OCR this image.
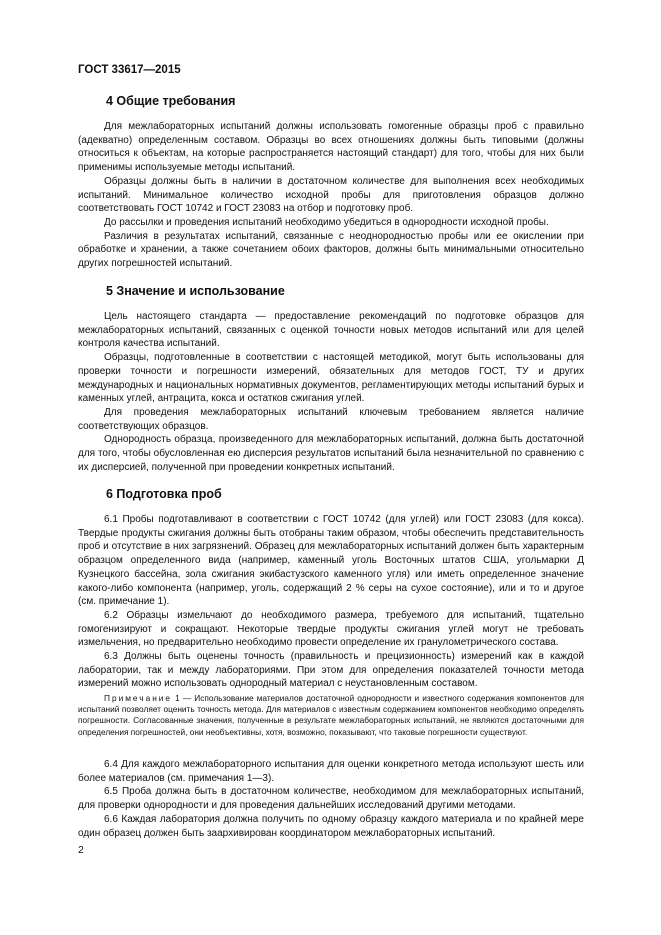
ГОСТ 33617—2015
4 Общие требования

Для межлабораторных испытаний должны использовать гомогенные образцы проб с правильно (адекватно) определенным составом. Образцы во всех отношениях должны быть типовыми (должны относиться к объектам, на которые распространяется настоящий стандарт) для того, чтобы для них были применимы используемые методы испытаний.

Образцы должны быть в наличии в достаточном количестве для выполнения всех необходимых испытаний. Минимальное количество исходной пробы для приготовления образцов должно соответствовать ГОСТ 10742 и ГОСТ 23083 на отбор и подготовку проб.

До рассылки и проведения испытаний необходимо убедиться в однородности исходной пробы.

Различия в результатах испытаний, связанные с неоднородностью пробы или ее окислении при обработке и хранении, а также сочетанием обоих факторов, должны быть минимальными относительно других погрешностей испытаний.

5 Значение и использование

Цель настоящего стандарта — предоставление рекомендаций по подготовке образцов для межлабораторных испытаний, связанных с оценкой точности новых методов испытаний или для целей контроля качества испытаний.

Образцы, подготовленные в соответствии с настоящей методикой, могут быть использованы для проверки точности и погрешности измерений, обязательных для методов ГОСТ, ТУ и других международных и национальных нормативных документов, регламентирующих методы испытаний бурых и каменных углей, антрацита, кокса и остатков сжигания углей.

Для проведения межлабораторных испытаний ключевым требованием является наличие соответствующих образцов.

Однородность образца, произведенного для межлабораторных испытаний, должна быть достаточной для того, чтобы обусловленная ею дисперсия результатов испытаний была незначительной по сравнению с их дисперсией, полученной при проведении конкретных испытаний.

6 Подготовка проб

6.1 Пробы подготавливают в соответствии с ГОСТ 10742 (для углей) или ГОСТ 23083 (для кокса). Твердые продукты сжигания должны быть отобраны таким образом, чтобы обеспечить представительность проб и отсутствие в них загрязнений. Образец для межлабораторных испытаний должен быть характерным образцом определенного вида (например, каменный уголь Восточных штатов США, угольмарки Д Кузнецкого бассейна, зола сжигания экибастузского каменного угля) или иметь определенное значение какого-либо компонента (например, уголь, содержащий 2 % серы на сухое состояние), или и то и другое (см. примечание 1).

6.2 Образцы измельчают до необходимого размера, требуемого для испытаний, тщательно гомогенизируют и сокращают. Некоторые твердые продукты сжигания углей могут не требовать измельчения, но предварительно необходимо провести определение их гранулометрического состава.

6.3 Должны быть оценены точность (правильность и прецизионность) измерений как в каждой лаборатории, так и между лабораториями. При этом для определения показателей точности метода измерений можно использовать однородный материал с неустановленным составом.

Примечание 1 — Использование материалов достаточной однородности и известного содержания компонентов для испытаний позволяет оценить точность метода. Для материалов с известным содержанием компонентов необходимо определять погрешности. Согласованные значения, полученные в результате межлабораторных испытаний, не являются достаточными для определения погрешностей, они необъективны, хотя, возможно, показывают, что таковые погрешности существуют.

6.4 Для каждого межлабораторного испытания для оценки конкретного метода используют шесть или более материалов (см. примечания 1—3).

6.5 Проба должна быть в достаточном количестве, необходимом для межлабораторных испытаний, для проверки однородности и для проведения дальнейших исследований другими методами.

6.6 Каждая лаборатория должна получить по одному образцу каждого материала и по крайней мере один образец должен быть заархивирован координатором межлабораторных испытаний.

2
